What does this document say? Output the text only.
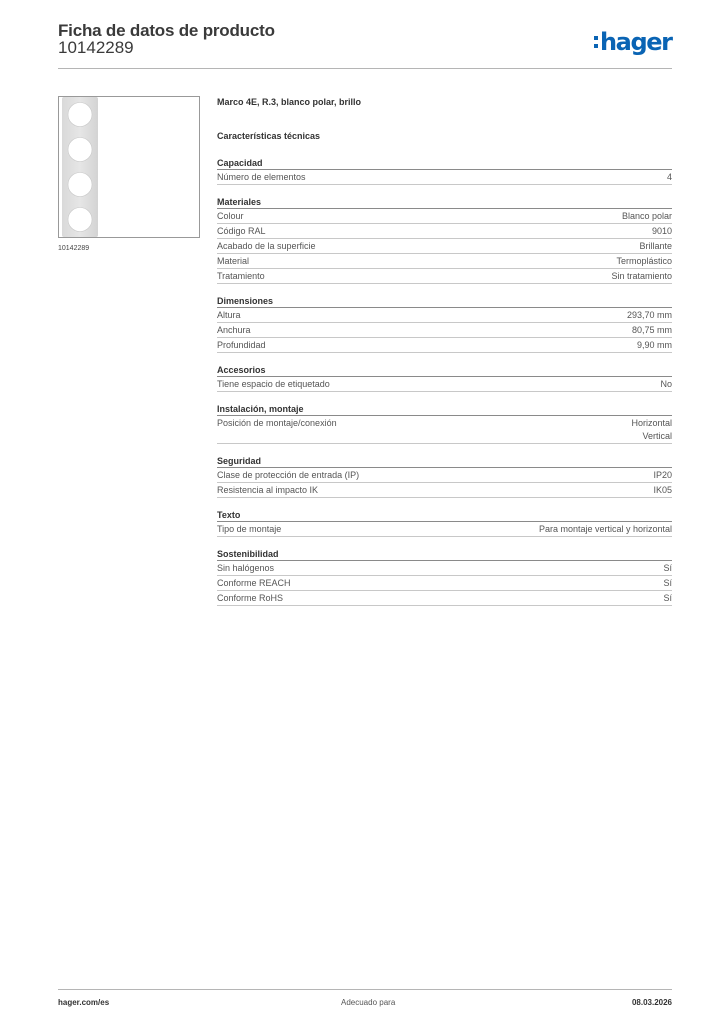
Ficha de datos de producto
10142289	hager
10142289
Marco 4E, R.3, blanco polar, brillo
Características técnicas
Capacidad
Número de elementos	4
Materiales
Colour	Blanco polar
Código RAL	9010
Acabado de la superficie	Brillante
Material	Termoplástico
Tratamiento	Sin tratamiento
Dimensiones
Altura	293,70 mm
Anchura	80,75 mm
Profundidad	9,90 mm
Accesorios
Tiene espacio de etiquetado	No
Instalación, montaje
Posición de montaje/conexión	Horizontal
Vertical
Seguridad
Clase de protección de entrada (IP)	IP20
Resistencia al impacto IK	IK05
Texto
Tipo de montaje	Para montaje vertical y horizontal
Sostenibilidad
Sin halógenos	Sí
Conforme REACH	Sí
Conforme RoHS	Sí
hager.com/es	Adecuado para	08.03.2026
